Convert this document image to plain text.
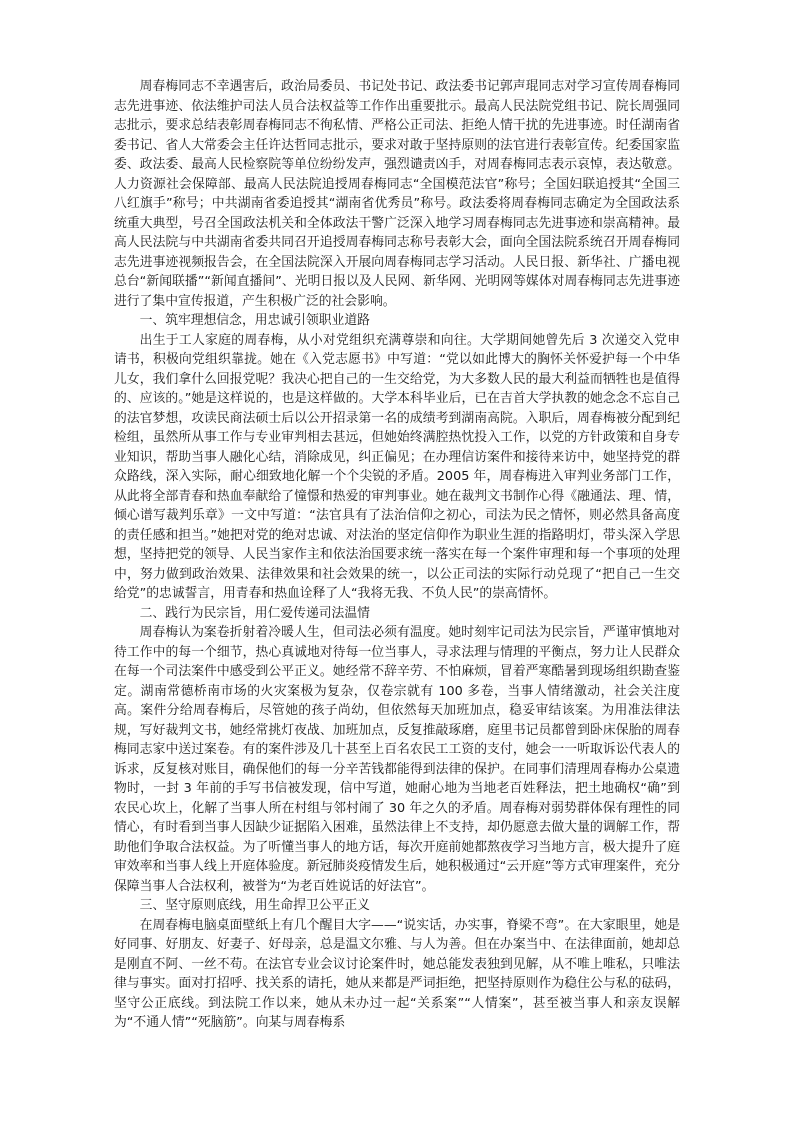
周春梅同志不幸遇害后，政治局委员、书记处书记、政法委书记郭声琨同志对学习宣传周春梅同志先进事迹、依法维护司法人员合法权益等工作作出重要批示。最高人民法院党组书记、院长周强同志批示，要求总结表彰周春梅同志不徇私情、严格公正司法、拒绝人情干扰的先进事迹。时任湖南省委书记、省人大常委会主任许达哲同志批示，要求对敢于坚持原则的法官进行表彰宣传。纪委国家监委、政法委、最高人民检察院等单位纷纷发声，强烈谴责凶手，对周春梅同志表示哀悼，表达敬意。人力资源社会保障部、最高人民法院追授周春梅同志“全国模范法官”称号；全国妇联追授其“全国三八红旗手”称号；中共湖南省委追授其“湖南省优秀员”称号。政法委将周春梅同志确定为全国政法系统重大典型，号召全国政法机关和全体政法干警广泛深入地学习周春梅同志先进事迹和崇高精神。最高人民法院与中共湖南省委共同召开追授周春梅同志称号表彰大会，面向全国法院系统召开周春梅同志先进事迹视频报告会，在全国法院深入开展向周春梅同志学习活动。人民日报、新华社、广播电视总台“新闻联播”“新闻直播间”、光明日报以及人民网、新华网、光明网等媒体对周春梅同志先进事迹进行了集中宣传报道，产生积极广泛的社会影响。

一、筑牢理想信念，用忠诚引领职业道路

出生于工人家庭的周春梅，从小对党组织充满尊崇和向往。大学期间她曾先后 3 次递交入党申请书，积极向党组织靠拢。她在《入党志愿书》中写道：“党以如此博大的胸怀关怀爱护每一个中华儿女，我们拿什么回报党呢？我决心把自己的一生交给党，为大多数人民的最大利益而牺牲也是值得的、应该的。”她是这样说的，也是这样做的。大学本科毕业后，已在吉首大学执教的她念念不忘自己的法官梦想，攻读民商法硕士后以公开招录第一名的成绩考到湖南高院。入职后，周春梅被分配到纪检组，虽然所从事工作与专业审判相去甚远，但她始终满腔热忱投入工作，以党的方针政策和自身专业知识，帮助当事人融化心结，消除成见，纠正偏见；在办理信访案件和接待来访中，她坚持党的群众路线，深入实际，耐心细致地化解一个个尖锐的矛盾。2005 年，周春梅进入审判业务部门工作，从此将全部青春和热血奉献给了憧憬和热爱的审判事业。她在裁判文书制作心得《融通法、理、情，倾心谱写裁判乐章》一文中写道：“法官具有了法治信仰之初心，司法为民之情怀，则必然具备高度的责任感和担当。”她把对党的绝对忠诚、对法治的坚定信仰作为职业生涯的指路明灯，带头深入学思想，坚持把党的领导、人民当家作主和依法治国要求统一落实在每一个案件审理和每一个事项的处理中，努力做到政治效果、法律效果和社会效果的统一，以公正司法的实际行动兑现了“把自己一生交给党”的忠诚誓言，用青春和热血诠释了人“我将无我、不负人民”的崇高情怀。

二、践行为民宗旨，用仁爱传递司法温情

周春梅认为案卷折射着冷暖人生，但司法必须有温度。她时刻牢记司法为民宗旨，严谨审慎地对待工作中的每一个细节，热心真诚地对待每一位当事人，寻求法理与情理的平衡点，努力让人民群众在每一个司法案件中感受到公平正义。她经常不辞辛劳、不怕麻烦，冒着严寒酷暑到现场组织勘查鉴定。湖南常德桥南市场的火灾案极为复杂，仅卷宗就有 100 多卷，当事人情绪激动，社会关注度高。案件分给周春梅后，尽管她的孩子尚幼，但依然每天加班加点，稳妥审结该案。为用准法律法规，写好裁判文书，她经常挑灯夜战、加班加点，反复推敲琢磨，庭里书记员都曾到卧床保胎的周春梅同志家中送过案卷。有的案件涉及几十甚至上百名农民工工资的支付，她会一一听取诉讼代表人的诉求，反复核对账目，确保他们的每一分辛苦钱都能得到法律的保护。在同事们清理周春梅办公桌遗物时，一封 3 年前的手写书信被发现，信中写道，她耐心地为当地老百姓释法，把土地确权“确”到农民心坎上，化解了当事人所在村组与邻村闹了 30 年之久的矛盾。周春梅对弱势群体保有理性的同情心，有时看到当事人因缺少证据陷入困难，虽然法律上不支持，却仍愿意去做大量的调解工作，帮助他们争取合法权益。为了听懂当事人的地方话，每次开庭前她都熬夜学习当地方言，极大提升了庭审效率和当事人线上开庭体验度。新冠肺炎疫情发生后，她积极通过“云开庭”等方式审理案件，充分保障当事人合法权利，被誉为“为老百姓说话的好法官”。

三、坚守原则底线，用生命捍卫公平正义

在周春梅电脑桌面壁纸上有几个醒目大字——“说实话，办实事，脊梁不弯”。在大家眼里，她是好同事、好朋友、好妻子、好母亲，总是温文尔雅、与人为善。但在办案当中、在法律面前，她却总是刚直不阿、一丝不苟。在法官专业会议讨论案件时，她总能发表独到见解，从不唯上唯私，只唯法律与事实。面对打招呼、找关系的请托，她从来都是严词拒绝，把坚持原则作为稳住公与私的砝码，坚守公正底线。到法院工作以来，她从未办过一起“关系案”“人情案”，甚至被当事人和亲友误解为“不通人情”“死脑筋”。向某与周春梅系
